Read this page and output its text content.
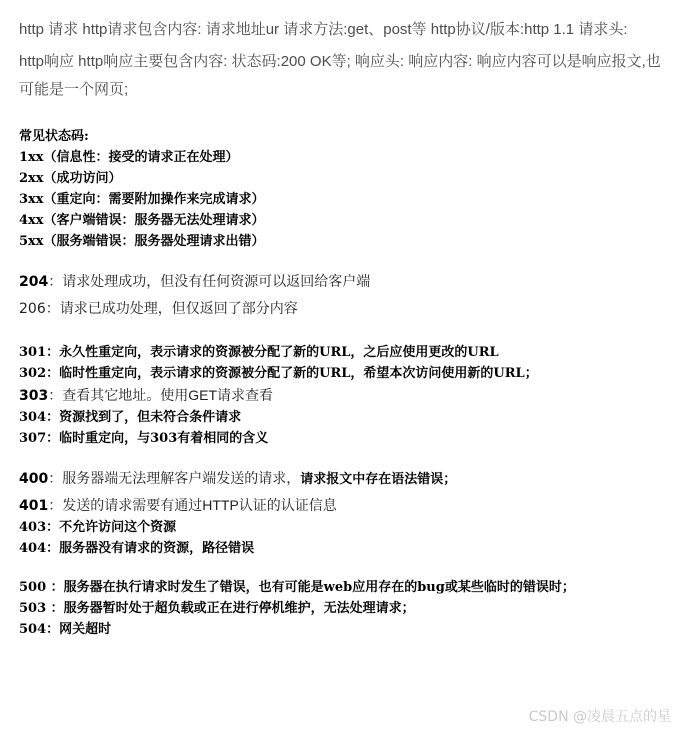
http 请求 http请求包含内容: 请求地址ur 请求方法:get、post等 http协议/版本:http 1.1 请求头:

http响应 http响应主要包含内容: 状态码:200 OK等; 响应头: 响应内容: 响应内容可以是响应报文,也可能是一个网页;

常见状态码:

1xx（信息性：接受的请求正在处理）

2xx（成功访问）

3xx（重定向：需要附加操作来完成请求）

4xx（客户端错误：服务器无法处理请求）

5xx（服务端错误：服务器处理请求出错）

204：请求处理成功，但没有任何资源可以返回给客户端

206：请求已成功处理，但仅返回了部分内容

301：永久性重定向，表示请求的资源被分配了新的URL，之后应使用更改的URL

302：临时性重定向，表示请求的资源被分配了新的URL，希望本次访问使用新的URL；

303：查看其它地址。使用GET请求查看

304：资源找到了，但未符合条件请求

307：临时重定向，与303有着相同的含义

400：服务器端无法理解客户端发送的请求，请求报文中存在语法错误；

401：发送的请求需要有通过HTTP认证的认证信息

403：不允许访问这个资源

404：服务器没有请求的资源，路径错误

500 ：服务器在执行请求时发生了错误，也有可能是web应用存在的bug或某些临时的错误时；

503 ：服务器暂时处于超负载或正在进行停机维护，无法处理请求；

504：网关超时

CSDN @凌晨五点的星
